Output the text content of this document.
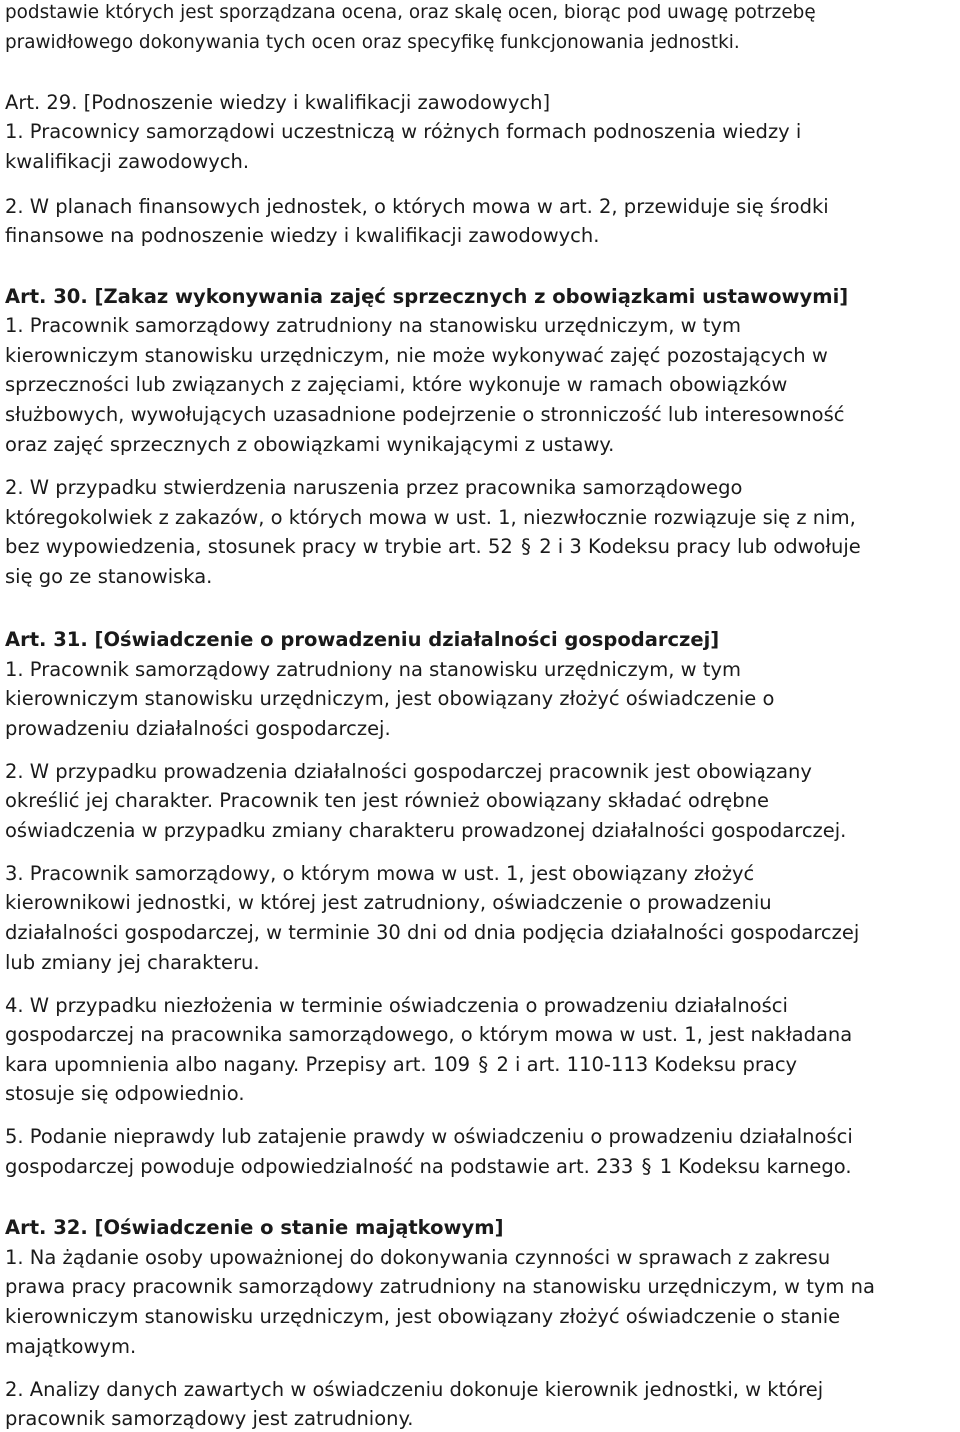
podstawie których jest sporządzana ocena, oraz skalę ocen, biorąc pod uwagę potrzebę
prawidłowego dokonywania tych ocen oraz specyfikę funkcjonowania jednostki.
Art. 29. [Podnoszenie wiedzy i kwalifikacji zawodowych]
1. Pracownicy samorządowi uczestniczą w różnych formach podnoszenia wiedzy i
kwalifikacji zawodowych.
2. W planach finansowych jednostek, o których mowa w art. 2, przewiduje się środki
finansowe na podnoszenie wiedzy i kwalifikacji zawodowych.
Art. 30. [Zakaz wykonywania zajęć sprzecznych z obowiązkami ustawowymi]
1. Pracownik samorządowy zatrudniony na stanowisku urzędniczym, w tym
kierowniczym stanowisku urzędniczym, nie może wykonywać zajęć pozostających w
sprzeczności lub związanych z zajęciami, które wykonuje w ramach obowiązków
służbowych, wywołujących uzasadnione podejrzenie o stronniczość lub interesowność
oraz zajęć sprzecznych z obowiązkami wynikającymi z ustawy.
2. W przypadku stwierdzenia naruszenia przez pracownika samorządowego
któregokolwiek z zakazów, o których mowa w ust. 1, niezwłocznie rozwiązuje się z nim,
bez wypowiedzenia, stosunek pracy w trybie art. 52 § 2 i 3 Kodeksu pracy lub odwołuje
się go ze stanowiska.
Art. 31. [Oświadczenie o prowadzeniu działalności gospodarczej]
1. Pracownik samorządowy zatrudniony na stanowisku urzędniczym, w tym
kierowniczym stanowisku urzędniczym, jest obowiązany złożyć oświadczenie o
prowadzeniu działalności gospodarczej.
2. W przypadku prowadzenia działalności gospodarczej pracownik jest obowiązany
określić jej charakter. Pracownik ten jest również obowiązany składać odrębne
oświadczenia w przypadku zmiany charakteru prowadzonej działalności gospodarczej.
3. Pracownik samorządowy, o którym mowa w ust. 1, jest obowiązany złożyć
kierownikowi jednostki, w której jest zatrudniony, oświadczenie o prowadzeniu
działalności gospodarczej, w terminie 30 dni od dnia podjęcia działalności gospodarczej
lub zmiany jej charakteru.
4. W przypadku niezłożenia w terminie oświadczenia o prowadzeniu działalności
gospodarczej na pracownika samorządowego, o którym mowa w ust. 1, jest nakładana
kara upomnienia albo nagany. Przepisy art. 109 § 2 i art. 110-113 Kodeksu pracy
stosuje się odpowiednio.
5. Podanie nieprawdy lub zatajenie prawdy w oświadczeniu o prowadzeniu działalności
gospodarczej powoduje odpowiedzialność na podstawie art. 233 § 1 Kodeksu karnego.
Art. 32. [Oświadczenie o stanie majątkowym]
1. Na żądanie osoby upoważnionej do dokonywania czynności w sprawach z zakresu
prawa pracy pracownik samorządowy zatrudniony na stanowisku urzędniczym, w tym na
kierowniczym stanowisku urzędniczym, jest obowiązany złożyć oświadczenie o stanie
majątkowym.
2. Analizy danych zawartych w oświadczeniu dokonuje kierownik jednostki, w której
pracownik samorządowy jest zatrudniony.
